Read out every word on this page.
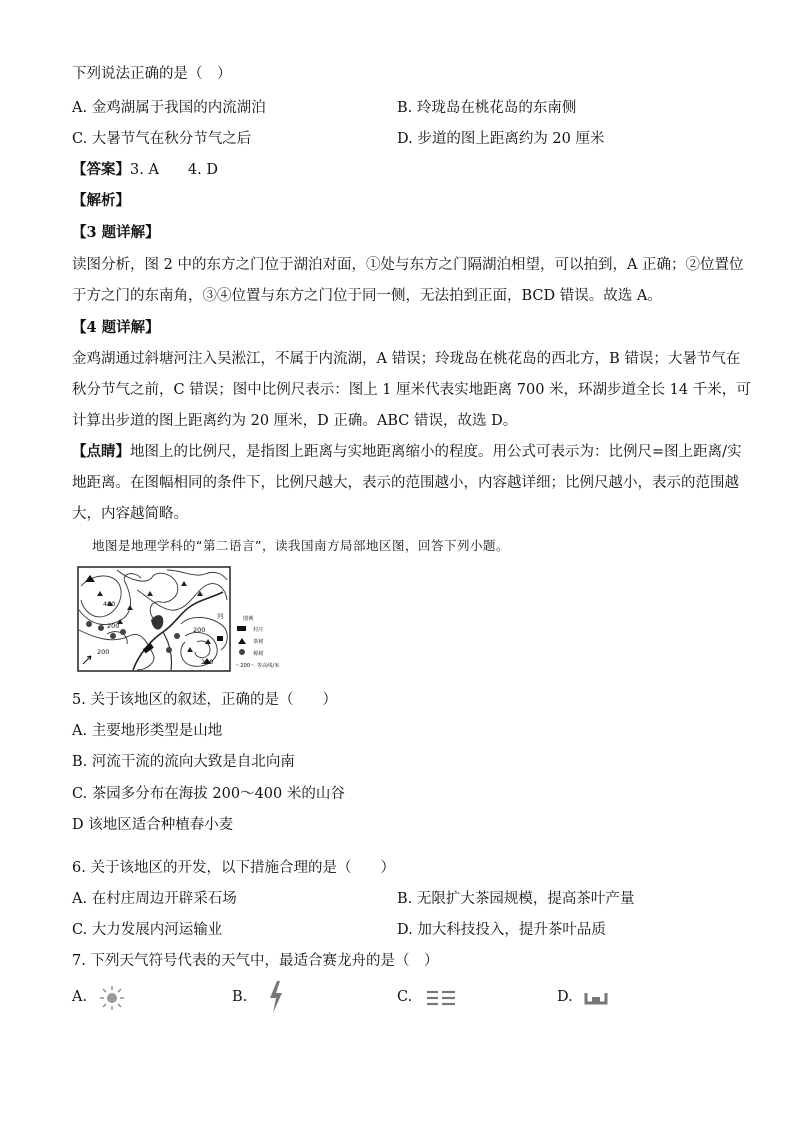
下列说法正确的是（　）
A. 金鸡湖属于我国的内流湖泊	B. 玲珑岛在桃花岛的东南侧
C. 大暑节气在秋分节气之后	D. 步道的图上距离约为 20 厘米
【答案】3. A　　4. D
【解析】
【3 题详解】
读图分析，图 2 中的东方之门位于湖泊对面，①处与东方之门隔湖泊相望，可以拍到，A 正确；②位置位
于方之门的东南角，③④位置与东方之门位于同一侧，无法拍到正面，BCD 错误。故选 A。
【4 题详解】
金鸡湖通过斜塘河注入吴淞江，不属于内流湖，A 错误；玲珑岛在桃花岛的西北方，B 错误；大暑节气在
秋分节气之前，C 错误；图中比例尺表示：图上 1 厘米代表实地距离 700 米，环湖步道全长 14 千米，可
计算出步道的图上距离约为 20 厘米，D 正确。ABC 错误，故选 D。
【点睛】地图上的比例尺，是指图上距离与实地距离缩小的程度。用公式可表示为：比例尺=图上距离/实
地距离。在图幅相同的条件下，比例尺越大，表示的范围越小，内容越详细；比例尺越小，表示的范围越
大，内容越简略。
地图是地理学科的“第二语言”，读我国南方局部地区图，回答下列小题。
400
200
200
200
200
河	图例
村庄
茶树
樟树
～200～ 等高线/米
5. 关于该地区的叙述，正确的是（　　）
A. 主要地形类型是山地
B. 河流干流的流向大致是自北向南
C. 茶园多分布在海拔 200～400 米的山谷
D 该地区适合种植春小麦
6. 关于该地区的开发，以下措施合理的是（　　）
A. 在村庄周边开辟采石场	B. 无限扩大茶园规模，提高茶叶产量
C. 大力发展内河运输业	D. 加大科技投入，提升茶叶品质
7. 下列天气符号代表的天气中，最适合赛龙舟的是（　）
A.	B.	C.	D.
